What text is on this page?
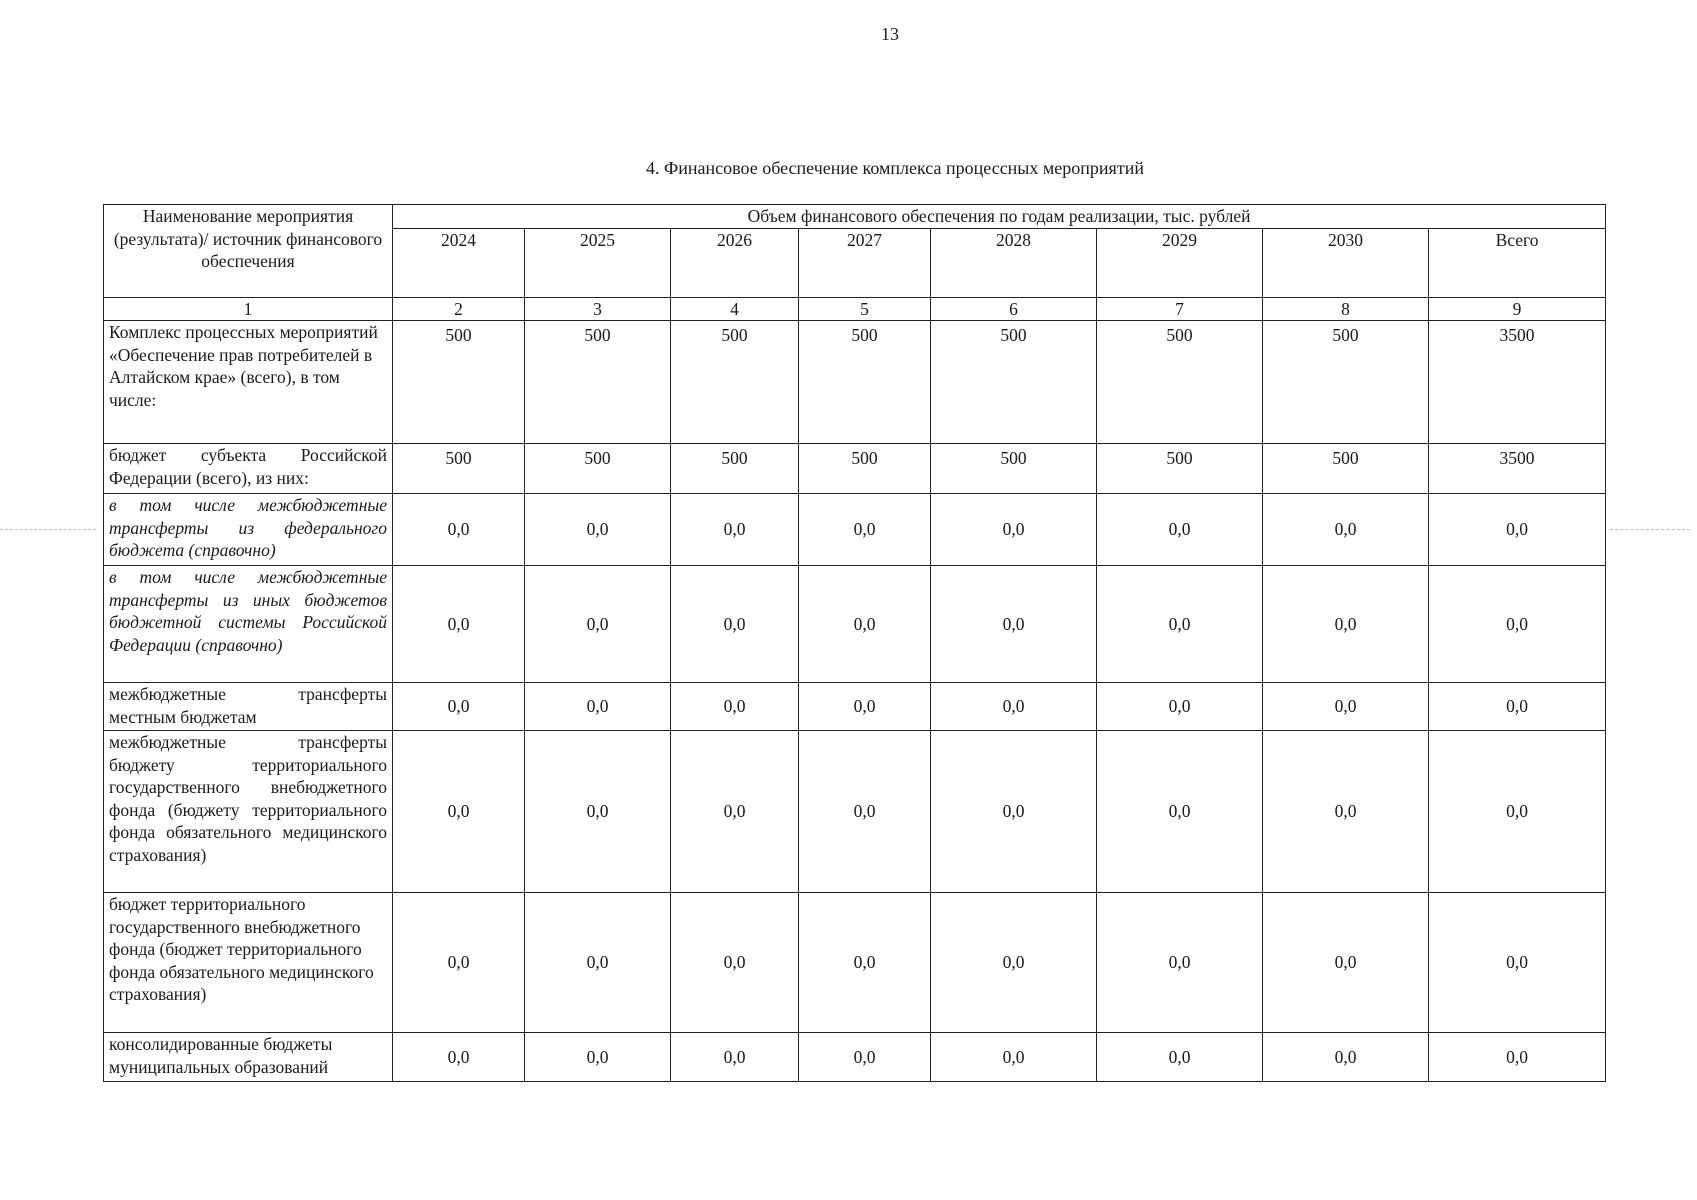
13
4. Финансовое обеспечение комплекса процессных мероприятий
Наименование мероприятия (результата)/ источник финансового обеспечения	Объем финансового обеспечения по годам реализации, тыс. рублей							
	2024	2025	2026	2027	2028	2029	2030	Всего
1	2	3	4	5	6	7	8	9
Комплекс процессных мероприятий «Обеспечение прав потребителей в Алтайском крае» (всего), в том числе:	500	500	500	500	500	500	500	3500
бюджет субъекта Российской Федерации (всего), из них:	500	500	500	500	500	500	500	3500
в том числе межбюджетные трансферты из федерального бюджета (справочно)	0,0	0,0	0,0	0,0	0,0	0,0	0,0	0,0
в том числе межбюджетные трансферты из иных бюджетов бюджетной системы Российской Федерации (справочно)	0,0	0,0	0,0	0,0	0,0	0,0	0,0	0,0
межбюджетные трансферты местным бюджетам	0,0	0,0	0,0	0,0	0,0	0,0	0,0	0,0
межбюджетные трансферты бюджету территориального государственного внебюджетного фонда (бюджету территориального фонда обязательного медицинского страхования)	0,0	0,0	0,0	0,0	0,0	0,0	0,0	0,0
бюджет территориального государственного внебюджетного фонда (бюджет территориального фонда обязательного медицинского страхования)	0,0	0,0	0,0	0,0	0,0	0,0	0,0	0,0
консолидированные бюджеты муниципальных образований	0,0	0,0	0,0	0,0	0,0	0,0	0,0	0,0
